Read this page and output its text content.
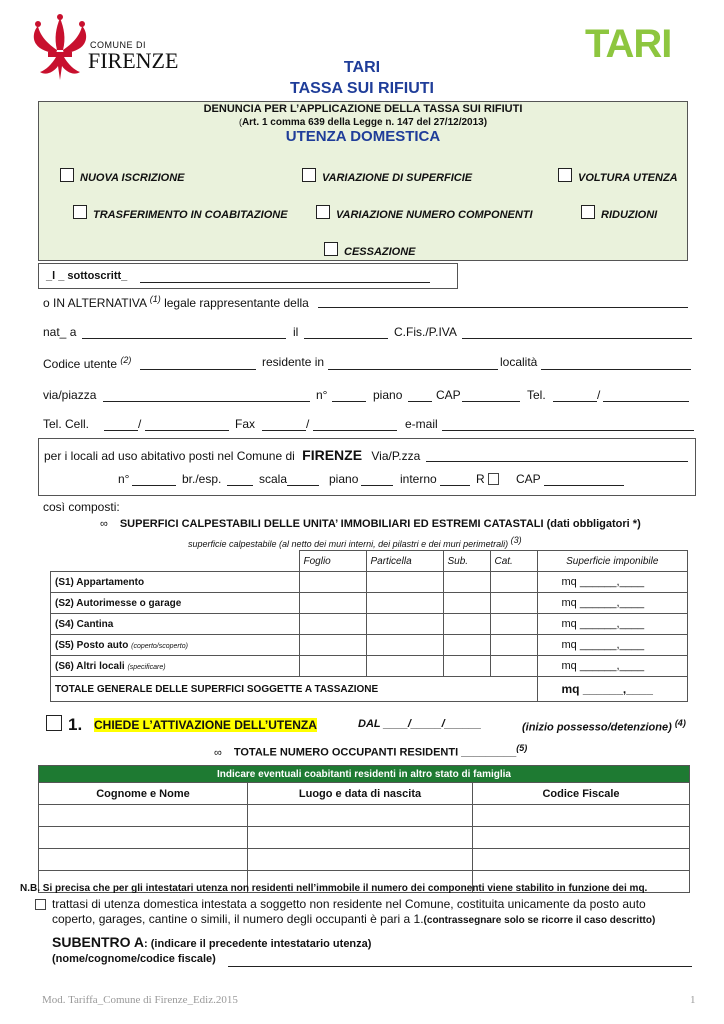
COMUNE DI
FIRENZE	TARI
TARI
TASSA SUI RIFIUTI
DENUNCIA PER L’APPLICAZIONE DELLA TASSA SUI RIFIUTI
(Art. 1 comma 639 della Legge n. 147 del 27/12/2013)
UTENZA DOMESTICA
NUOVA ISCRIZIONE	VARIAZIONE DI SUPERFICIE	VOLTURA UTENZA
TRASFERIMENTO IN COABITAZIONE	VARIAZIONE NUMERO COMPONENTI	RIDUZIONI
CESSAZIONE
_l _ sottoscritt_
o IN ALTERNATIVA $^{(1)}$ legale rappresentante della
nat_ a	il	C.Fis./P.IVA
Codice utente $^{(2)}$	residente in	località
via/piazza	n°	piano	CAP	Tel.	/
Tel. Cell.	/	Fax	/	e-mail
per i locali ad uso abitativo posti nel Comune di FIRENZE Via/P.zza
n°	br./esp.	scala	piano	interno	R	CAP
così composti:
∞ SUPERFICI CALPESTABILI DELLE UNITA’ IMMOBILIARI ED ESTREMI CATASTALI (dati obbligatori *)
superficie calpestabile (al netto dei muri interni, dei pilastri e dei muri perimetrali) $^{(3)}$
	Foglio	Particella	Sub.	Cat.	Superficie imponibile
(S1) Appartamento					mq ______,____
(S2) Autorimesse o garage					mq ______,____
(S4) Cantina					mq ______,____
(S5) Posto auto (coperto/scoperto)					mq ______,____
(S6) Altri locali (specificare)					mq ______,____
TOTALE GENERALE DELLE SUPERFICI SOGGETTE A TASSAZIONE					mq ______,____
1. CHIEDE L’ATTIVAZIONE DELL’UTENZA	DAL ____/_____/______	(inizio possesso/detenzione) $^{(4)}$
∞ TOTALE NUMERO OCCUPANTI RESIDENTI _________$^{(5)}$
Indicare eventuali coabitanti residenti in altro stato di famiglia		
Cognome e Nome	Luogo e data di nascita	Codice Fiscale

N.B. Si precisa che per gli intestatari utenza non residenti nell’immobile il numero dei componenti viene stabilito in funzione dei mq.
trattasi di utenza domestica intestata a soggetto non residente nel Comune, costituita unicamente da posto auto
coperto, garages, cantine o simili, il numero degli occupanti è pari a 1.(contrassegnare solo se ricorre il caso descritto)
SUBENTRO A: (indicare il precedente intestatario utenza)
(nome/cognome/codice fiscale)
Mod. Tariffa_Comune di Firenze_Ediz.2015	1
